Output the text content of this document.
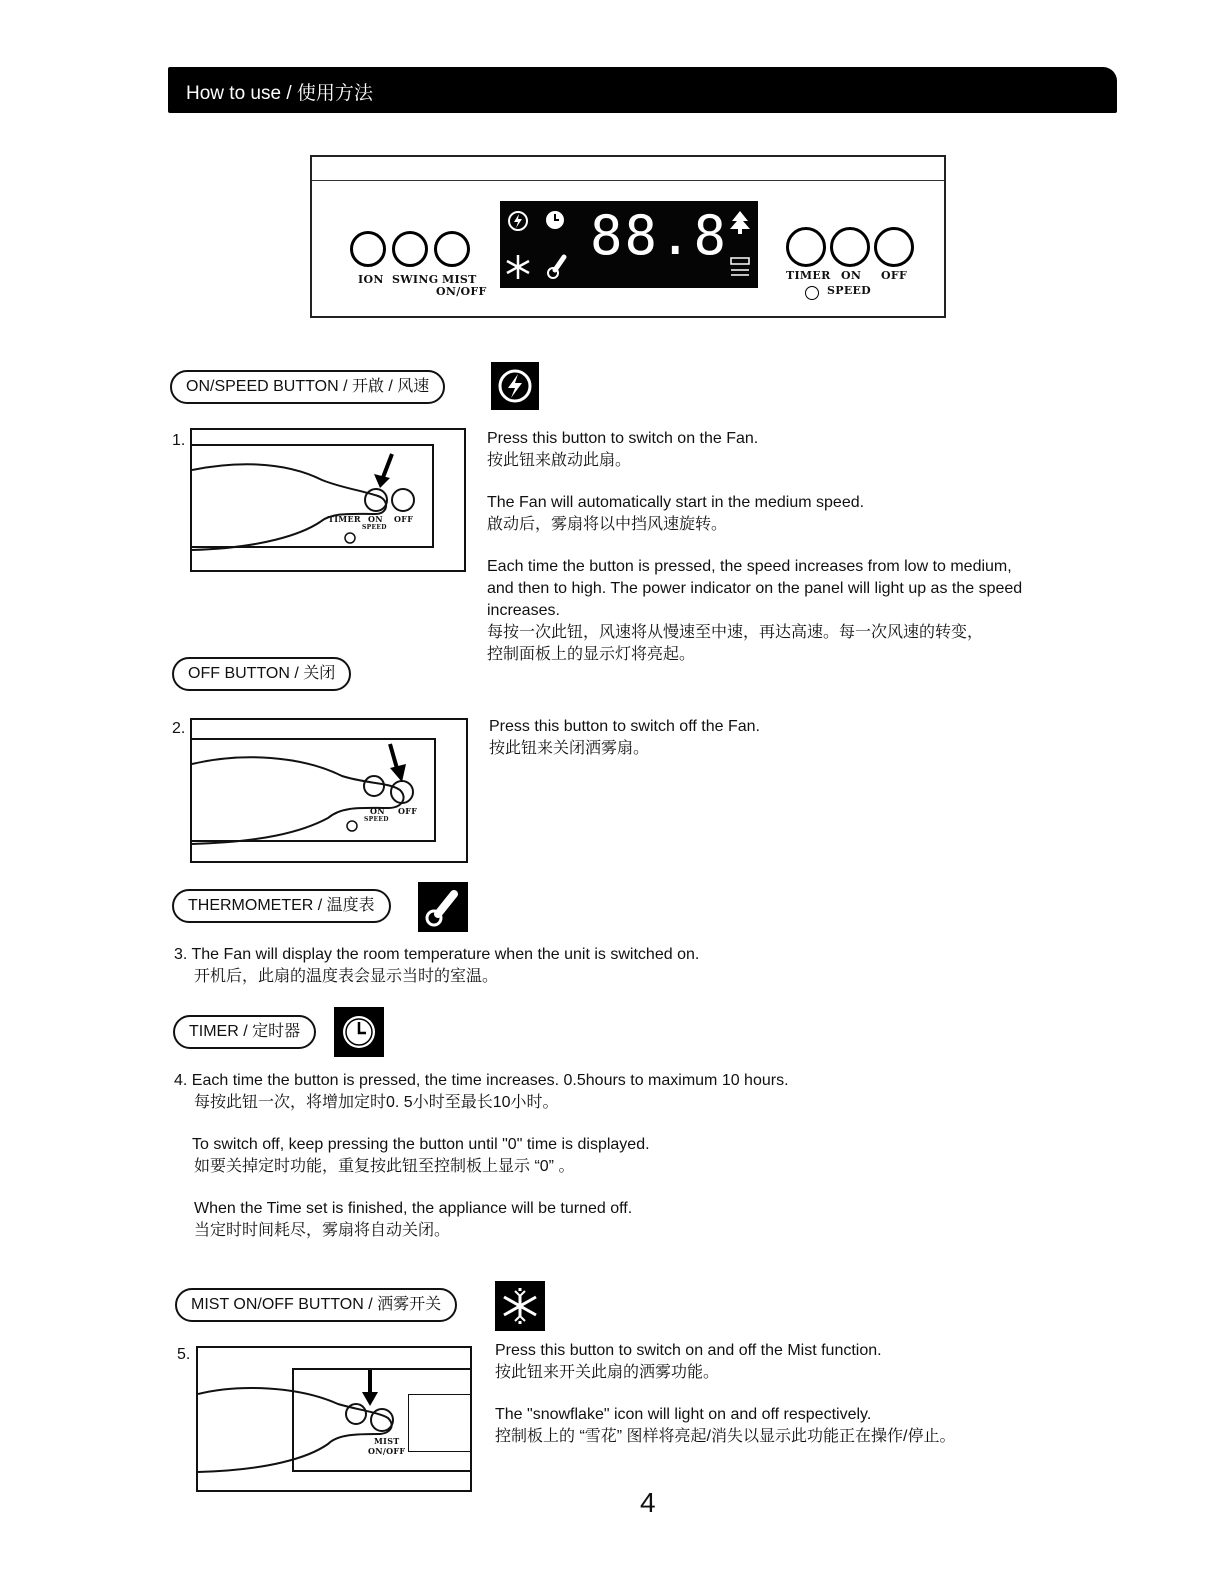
How to use / 使用方法
ION SWING MIST
ON/OFF
88.8
TIMER ON OFF
SPEED
ON/SPEED BUTTON / 开啟 / 风速
1.
TIMER ON OFF
SPEED

Press this button to switch on the Fan.

按此钮来啟动此扇。

The Fan will automatically start in the medium speed.

啟动后，雾扇将以中挡风速旋转。

Each time the button is pressed, the speed increases from low to medium,

and then to high. The power indicator on the panel will light up as the speed

increases.

每按一次此钮，风速将从慢速至中速，再达高速。每一次风速的转变，

控制面板上的显示灯将亮起。

OFF BUTTON / 关闭
2.
ON OFF
SPEED

Press this button to switch off the Fan.

按此钮来关闭洒雾扇。

THERMOMETER / 温度表

3. The Fan will display the room temperature when the unit is switched on.

开机后，此扇的温度表会显示当时的室温。

TIMER / 定时器

4. Each time the button is pressed, the time increases. 0.5hours to maximum 10 hours.

每按此钮一次，将增加定时0. 5小时至最长10小时。

To switch off, keep pressing the button until "0" time is displayed.

如要关掉定时功能，重复按此钮至控制板上显示 “0” 。

When the Time set is finished, the appliance will be turned off.

当定时时间耗尽，雾扇将自动关闭。

MIST ON/OFF BUTTON / 洒雾开关
5.
MIST
ON/OFF

Press this button to switch on and off the Mist function.

按此钮来开关此扇的洒雾功能。

The "snowflake" icon will light on and off respectively.

控制板上的 “雪花” 图样将亮起/消失以显示此功能正在操作/停止。

4
